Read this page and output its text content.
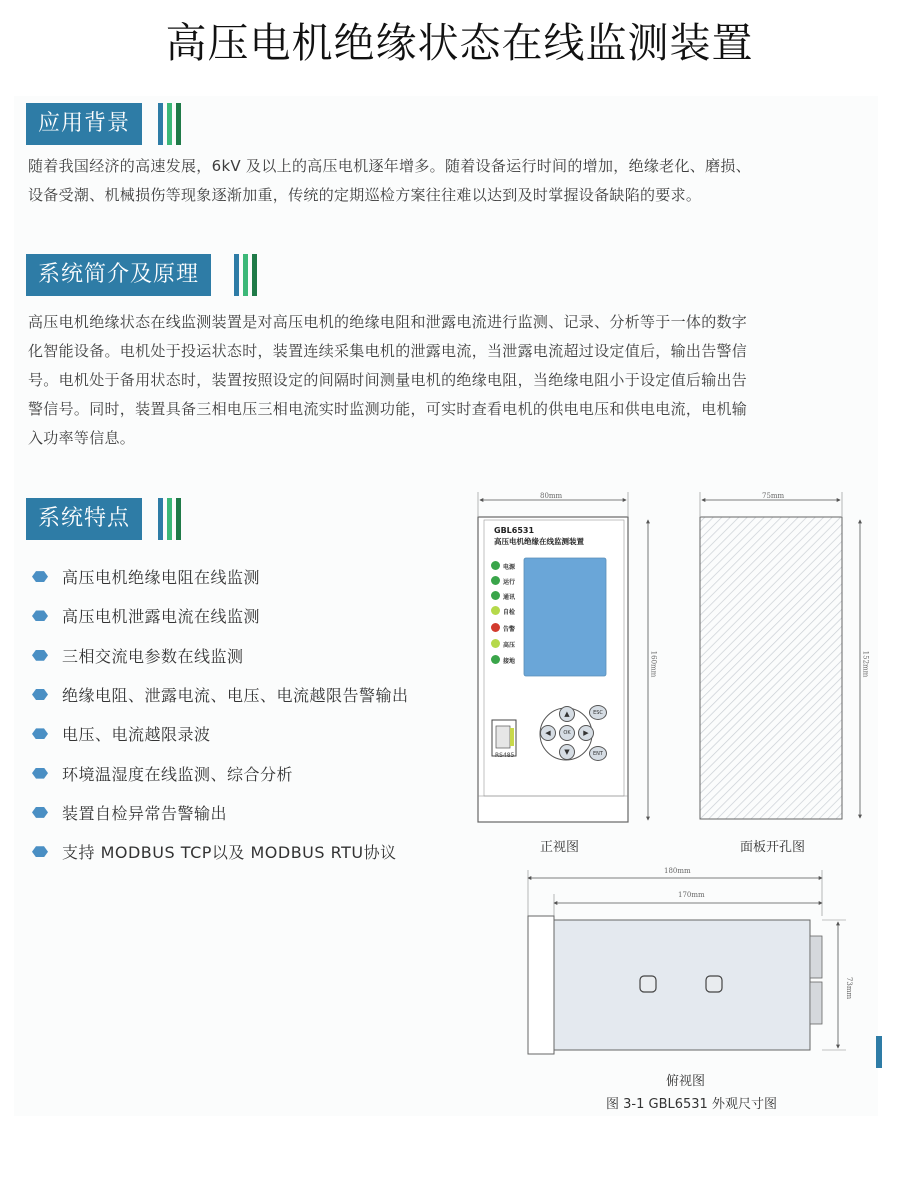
高压电机绝缘状态在线监测装置
应用背景
随着我国经济的高速发展，6kV 及以上的高压电机逐年增多。随着设备运行时间的增加，绝缘老化、磨损、
设备受潮、机械损伤等现象逐渐加重，传统的定期巡检方案往往难以达到及时掌握设备缺陷的要求。
系统简介及原理
高压电机绝缘状态在线监测装置是对高压电机的绝缘电阻和泄露电流进行监测、记录、分析等于一体的数字
化智能设备。电机处于投运状态时，装置连续采集电机的泄露电流，当泄露电流超过设定值后，输出告警信
号。电机处于备用状态时，装置按照设定的间隔时间测量电机的绝缘电阻，当绝缘电阻小于设定值后输出告
警信号。同时，装置具备三相电压三相电流实时监测功能，可实时查看电机的供电电压和供电电流，电机输
入功率等信息。
系统特点
高压电机绝缘电阻在线监测
高压电机泄露电流在线监测
三相交流电参数在线监测
绝缘电阻、泄露电流、电压、电流越限告警输出
电压、电流越限录波
环境温湿度在线监测、综合分析
装置自检异常告警输出
支持 MODBUS TCP以及 MODBUS RTU协议
80mm
160mm
75mm
152mm
180mm
170mm
73mm
GBL6531
高压电机绝缘在线监测装置
电源
运行
通讯
自检
告警
高压
接地
RS485
▲
▼
◀	▶
OK
ESC
ENT
正视图	面板开孔图
俯视图
图 3-1 GBL6531 外观尺寸图
